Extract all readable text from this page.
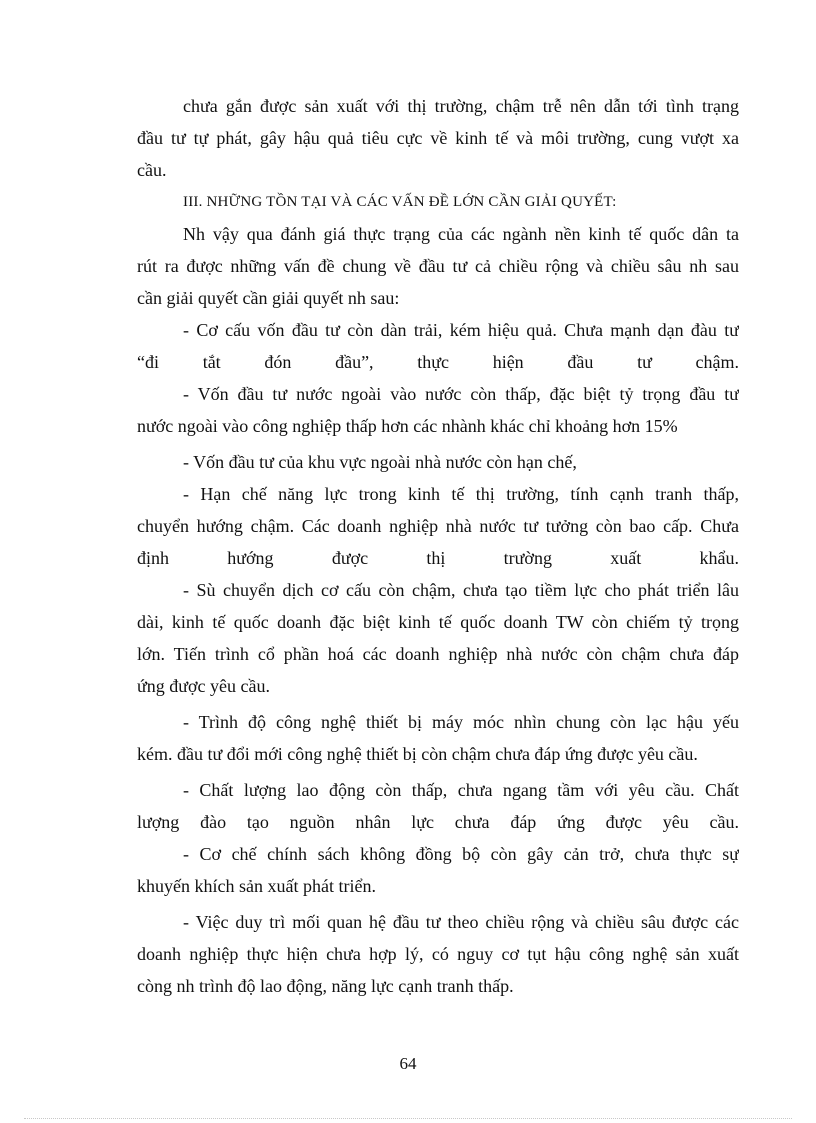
chưa gắn được sản xuất với thị trường, chậm trễ nên dẫn tới tình trạng
đầu tư tự phát, gây hậu quả tiêu cực về kinh tế và môi trường, cung vượt xa
cầu.
III. NHỮNG TỒN TẠI VÀ CÁC VẤN ĐỀ LỚN CẦN GIẢI QUYẾT:
Nh vậy qua đánh giá thực trạng của các ngành nền kinh tế quốc dân ta
rút ra được những vấn đề chung về đầu tư cả chiều rộng và chiều sâu nh sau
cần giải quyết cần giải quyết nh sau:
- Cơ cấu vốn đầu tư còn dàn trải, kém hiệu quả. Chưa mạnh dạn đàu tư
“đi tắt đón đầu”, thực hiện đầu tư chậm.
- Vốn đầu tư nước ngoài vào nước còn thấp, đặc biệt tỷ trọng đầu tư
nước ngoài vào công nghiệp thấp hơn các nhành khác chỉ khoảng hơn 15%
- Vốn đầu tư của khu vực ngoài nhà nước còn hạn chế,
- Hạn chế năng lực trong kinh tế thị trường, tính cạnh tranh thấp,
chuyển hướng chậm. Các doanh nghiệp nhà nước tư tưởng còn bao cấp. Chưa
định hướng được thị trường xuất khẩu.
- Sù chuyển dịch cơ cấu còn chậm, chưa tạo tiềm lực cho phát triển lâu
dài, kinh tế quốc doanh đặc biệt kinh tế quốc doanh TW còn chiếm tỷ trọng
lớn. Tiến trình cổ phần hoá các doanh nghiệp nhà nước còn chậm chưa đáp
ứng được yêu cầu.
- Trình độ công nghệ thiết bị máy móc nhìn chung còn lạc hậu yếu
kém. đầu tư đổi mới công nghệ thiết bị còn chậm chưa đáp ứng được yêu cầu.
- Chất lượng lao động còn thấp, chưa ngang tầm với yêu cầu. Chất
lượng đào tạo nguồn nhân lực chưa đáp ứng được yêu cầu.
- Cơ chế chính sách không đồng bộ còn gây cản trở, chưa thực sự
khuyến khích sản xuất phát triển.
- Việc duy trì mối quan hệ đầu tư theo chiều rộng và chiều sâu được các
doanh nghiệp thực hiện chưa hợp lý, có nguy cơ tụt hậu công nghệ sản xuất
còng nh trình độ lao động, năng lực cạnh tranh thấp.
64
